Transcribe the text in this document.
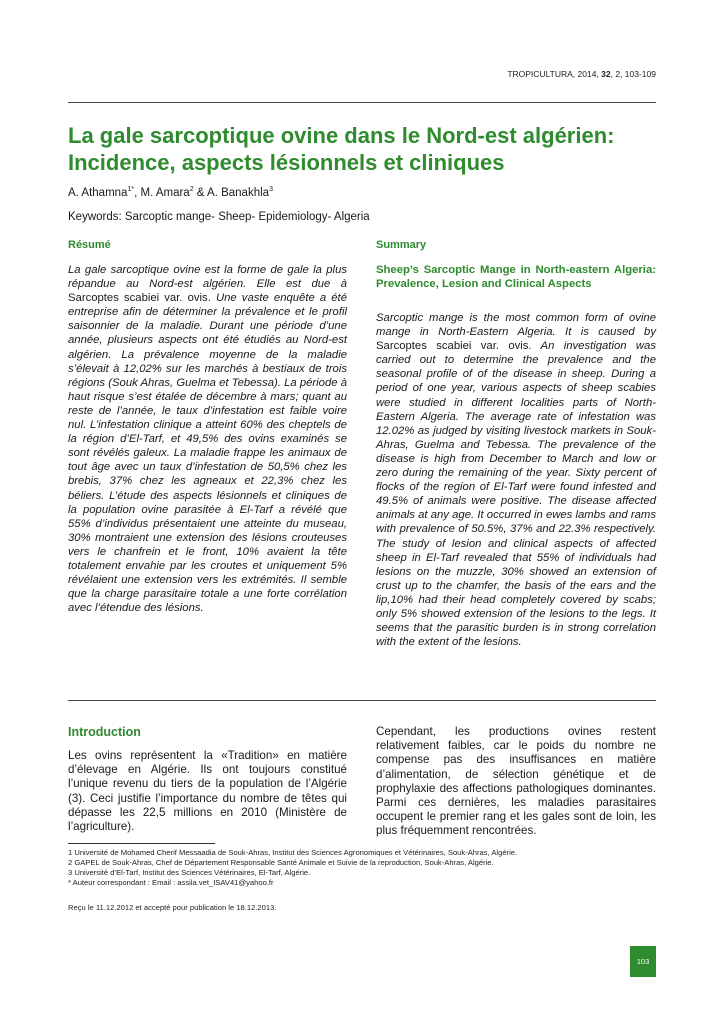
TROPICULTURA, 2014, 32, 2, 103-109
La gale sarcoptique ovine dans le Nord-est algérien:
Incidence, aspects lésionnels et cliniques
A. Athamna$^{1*}$, M. Amara$^2$ & A. Banakhla$^3$
Keywords: Sarcoptic mange- Sheep- Epidemiology- Algeria
Résumé
La gale sarcoptique ovine est la forme de gale la plus répandue au Nord-est algérien. Elle est due à Sarcoptes scabiei var. ovis. Une vaste enquête a été entreprise afin de déterminer la prévalence et le profil saisonnier de la maladie. Durant une période d’une année, plusieurs aspects ont été étudiés au Nord-est algérien. La prévalence moyenne de la maladie s’élevait à 12,02% sur les marchés à bestiaux de trois régions (Souk Ahras, Guelma et Tebessa). La période à haut risque s’est étalée de décembre à mars; quant au reste de l’année, le taux d’infestation est faible voire nul. L’infestation clinique a atteint 60% des cheptels de la région d’El-Tarf, et 49,5% des ovins examinés se sont révélés galeux. La maladie frappe les animaux de tout âge avec un taux d’infestation de 50,5% chez les brebis, 37% chez les agneaux et 22,3% chez les béliers. L’étude des aspects lésionnels et cliniques de la population ovine parasitée à El-Tarf a révélé que 55% d’individus présentaient une atteinte du museau, 30% montraient une extension des lésions crouteuses vers le chanfrein et le front, 10% avaient la tête totalement envahie par les croutes et uniquement 5% révélaient une extension vers les extrémités. Il semble que la charge parasitaire totale a une forte corrélation avec l’étendue des lésions.
Summary
Sheep’s Sarcoptic Mange in North-eastern Algeria: Prevalence, Lesion and Clinical Aspects
Sarcoptic mange is the most common form of ovine mange in North-Eastern Algeria. It is caused by Sarcoptes scabiei var. ovis. An investigation was carried out to determine the prevalence and the seasonal profile of of the disease in sheep. During a period of one year, various aspects of sheep scabies were studied in different localities parts of North-Eastern Algeria. The average rate of infestation was 12.02% as judged by visiting livestock markets in Souk-Ahras, Guelma and Tebessa. The prevalence of the disease is high from December to March and low or zero during the remaining of the year. Sixty percent of flocks of the region of El-Tarf were found infested and 49.5% of animals were positive. The disease affected animals at any age. It occurred in ewes lambs and rams with prevalence of 50.5%, 37% and 22.3% respectively. The study of lesion and clinical aspects of affected sheep in El-Tarf revealed that 55% of individuals had lesions on the muzzle, 30% showed an extension of crust up to the chamfer, the basis of the ears and the lip,10% had their head completely covered by scabs; only 5% showed extension of the lesions to the legs. It seems that the parasitic burden is in strong correlation with the extent of the lesions.
Introduction
Les ovins représentent la «Tradition» en matière d’élevage en Algérie. Ils ont toujours constitué l’unique revenu du tiers de la population de l’Algérie (3). Ceci justifie l’importance du nombre de têtes qui dépasse les 22,5 millions en 2010 (Ministère de l’agriculture).
Cependant, les productions ovines restent relativement faibles, car le poids du nombre ne compense pas des insuffisances en matière d’alimentation, de sélection génétique et de prophylaxie des affections pathologiques dominantes. Parmi ces dernières, les maladies parasitaires occupent le premier rang et les gales sont de loin, les plus fréquemment rencontrées.
1 Université de Mohamed Cherif Messaadia de Souk-Ahras, Institut des Sciences Agronomiques et Vétérinaires, Souk-Ahras, Algérie.
2 GAPEL de Souk-Ahras, Chef de Département Responsable Santé Animale et Suivie de la reproduction, Souk-Ahras, Algérie.
3 Université d’El-Tarf, Institut des Sciences Vétérinaires, El-Tarf, Algérie.
* Auteur correspondant : Email : assila.vet_ISAV41@yahoo.fr
Reçu le 11.12.2012 et accepté pour publication le 18.12.2013.
103
